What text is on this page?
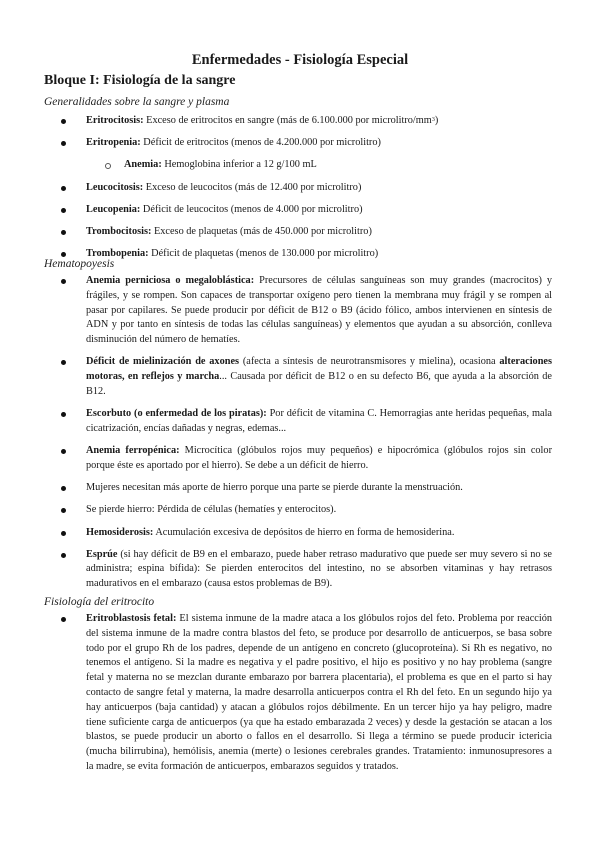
Enfermedades - Fisiología Especial
Bloque I: Fisiología de la sangre
Generalidades sobre la sangre y plasma
Eritrocitosis: Exceso de eritrocitos en sangre (más de 6.100.000 por microlitro/$mm^3$)
Eritropenia: Déficit de eritrocitos (menos de 4.200.000 por microlitro)
Anemia: Hemoglobina inferior a 12 g/100 mL
Leucocitosis: Exceso de leucocitos (más de 12.400 por microlitro)
Leucopenia: Déficit de leucocitos (menos de 4.000 por microlitro)
Trombocitosis: Exceso de plaquetas (más de 450.000 por microlitro)
Trombopenia: Déficit de plaquetas (menos de 130.000 por microlitro)
Hematopoyesis
Anemia perniciosa o megaloblástica: Precursores de células sanguíneas son muy grandes (macrocitos) y frágiles, y se rompen. Son capaces de transportar oxígeno pero tienen la membrana muy frágil y se rompen al pasar por capilares. Se puede producir por déficit de B12 o B9 (ácido fólico, ambos intervienen en síntesis de ADN y por tanto en síntesis de todas las células sanguíneas) y elementos que ayudan a su absorción, conlleva disminución del número de hematíes.
Déficit de mielinización de axones (afecta a síntesis de neurotransmisores y mielina), ocasiona alteraciones motoras, en reflejos y marcha... Causada por déficit de B12 o en su defecto B6, que ayuda a la absorción de B12.
Escorbuto (o enfermedad de los piratas): Por déficit de vitamina C. Hemorragias ante heridas pequeñas, mala cicatrización, encías dañadas y negras, edemas...
Anemia ferropénica: Microcítica (glóbulos rojos muy pequeños) e hipocrómica (glóbulos rojos sin color porque éste es aportado por el hierro). Se debe a un déficit de hierro.
Mujeres necesitan más aporte de hierro porque una parte se pierde durante la menstruación.
Se pierde hierro: Pérdida de células (hematíes y enterocitos).
Hemosiderosis: Acumulación excesiva de depósitos de hierro en forma de hemosiderina.
Esprúe (si hay déficit de B9 en el embarazo, puede haber retraso madurativo que puede ser muy severo si no se administra; espina bífida): Se pierden enterocitos del intestino, no se absorben vitaminas y hay retrasos madurativos en el embarazo (causa estos problemas de B9).
Fisiología del eritrocito
Eritroblastosis fetal: El sistema inmune de la madre ataca a los glóbulos rojos del feto. Problema por reacción del sistema inmune de la madre contra blastos del feto, se produce por desarrollo de anticuerpos, se basa sobre todo por el grupo Rh de los padres, depende de un antígeno en concreto (glucoproteína). Si Rh es negativo, no tenemos el antígeno. Si la madre es negativa y el padre positivo, el hijo es positivo y no hay problema (sangre fetal y materna no se mezclan durante embarazo por barrera placentaria), el problema es que en el parto si hay contacto de sangre fetal y materna, la madre desarrolla anticuerpos contra el Rh del feto. En un segundo hijo ya hay anticuerpos (baja cantidad) y atacan a glóbulos rojos débilmente. En un tercer hijo ya hay peligro, madre tiene suficiente carga de anticuerpos (ya que ha estado embarazada 2 veces) y desde la gestación se atacan a los blastos, se puede producir un aborto o fallos en el desarrollo. Si llega a término se puede producir ictericia (mucha bilirrubina), hemólisis, anemia (merte) o lesiones cerebrales grandes. Tratamiento: inmunosupresores a la madre, se evita formación de anticuerpos, embarazos seguidos y tratados.
